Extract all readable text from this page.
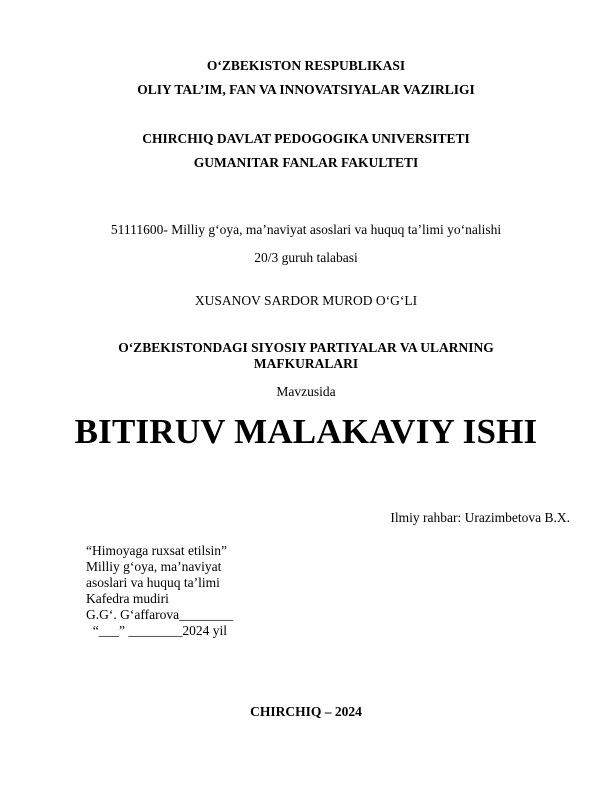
O‘ZBEKISTON RESPUBLIKASI
OLIY TAL’IM, FAN VA INNOVATSIYALAR VAZIRLIGI
CHIRCHIQ DAVLAT PEDOGOGIKA UNIVERSITETI
GUMANITAR FANLAR FAKULTETI
51111600- Milliy g‘oya, ma’naviyat asoslari va huquq ta’limi yo‘nalishi
20/3 guruh talabasi
XUSANOV SARDOR MUROD O‘G‘LI
O‘ZBEKISTONDAGI SIYOSIY PARTIYALAR VA ULARNING
MAFKURALARI
Mavzusida
BITIRUV MALAKAVIY ISHI
Ilmiy rahbar: Urazimbetova B.X.
“Himoyaga ruxsat etilsin”
Milliy g‘oya, ma’naviyat
asoslari va huquq ta’limi
Kafedra mudiri
G.G‘. G‘affarova________
“___” ________2024 yil
CHIRCHIQ – 2024
